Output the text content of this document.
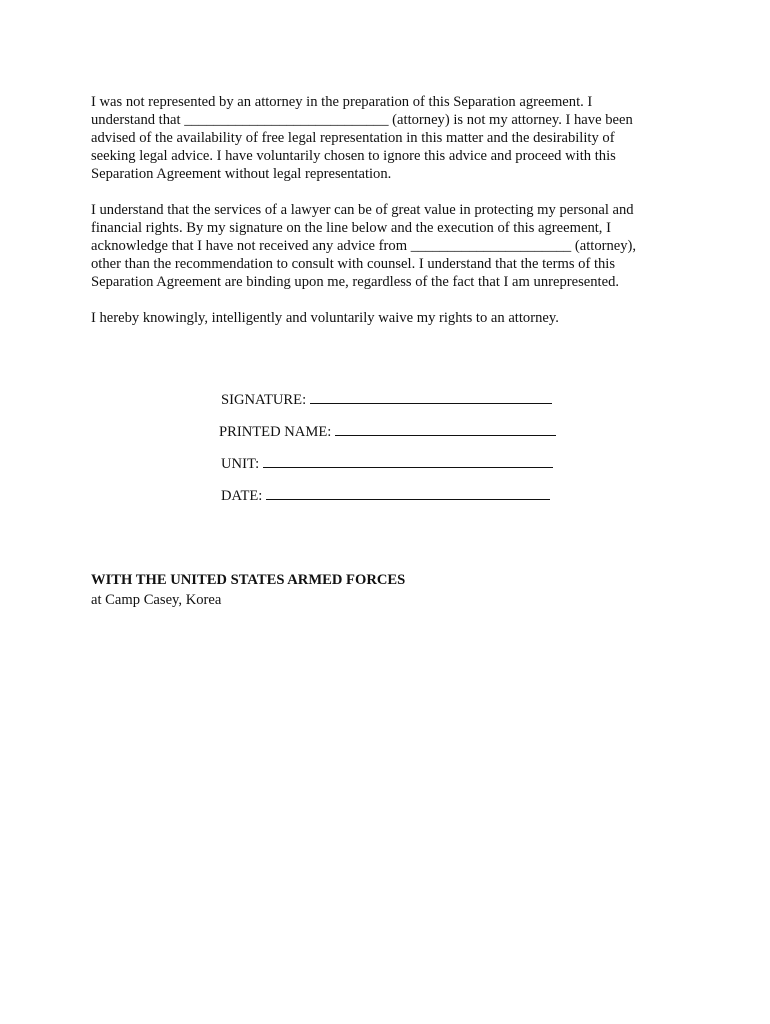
I was not represented by an attorney in the preparation of this Separation agreement. I
understand that ____________________________ (attorney) is not my attorney. I have been
advised of the availability of free legal representation in this matter and the desirability of
seeking legal advice. I have voluntarily chosen to ignore this advice and proceed with this
Separation Agreement without legal representation.
I understand that the services of a lawyer can be of great value in protecting my personal and
financial rights. By my signature on the line below and the execution of this agreement, I
acknowledge that I have not received any advice from ______________________ (attorney),
other than the recommendation to consult with counsel. I understand that the terms of this
Separation Agreement are binding upon me, regardless of the fact that I am unrepresented.
I hereby knowingly, intelligently and voluntarily waive my rights to an attorney.
SIGNATURE:
PRINTED NAME:
UNIT:
DATE:
WITH THE UNITED STATES ARMED FORCES
at Camp Casey, Korea
